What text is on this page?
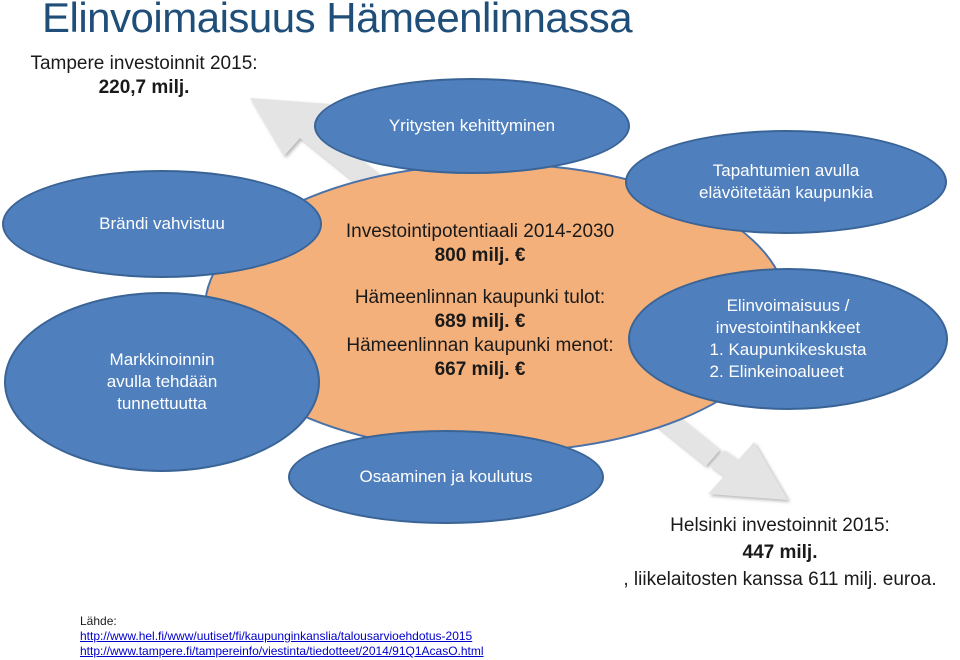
Elinvoimaisuus Hämeenlinnassa
Tampere investoinnit 2015:
220,7 milj.
Investointipotentiaali 2014-2030
800 milj. €
Hämeenlinnan kaupunki tulot:
689 milj. €
Hämeenlinnan kaupunki menot:
667 milj. €
Yritysten kehittyminen
Brändi vahvistuu
Markkinoinnin
avulla tehdään
tunnettuutta
Tapahtumien avulla
elävöitetään kaupunkia
Elinvoimaisuus /
investointihankkeet
1. Kaupunkikeskusta
2. Elinkeinoalueet
Osaaminen ja koulutus
Helsinki investoinnit 2015:
447 milj.
, liikelaitosten kanssa 611 milj. euroa.
Lähde:
http://www.hel.fi/www/uutiset/fi/kaupunginkanslia/talousarvioehdotus-2015
http://www.tampere.fi/tampereinfo/viestinta/tiedotteet/2014/91Q1AcasO.html
